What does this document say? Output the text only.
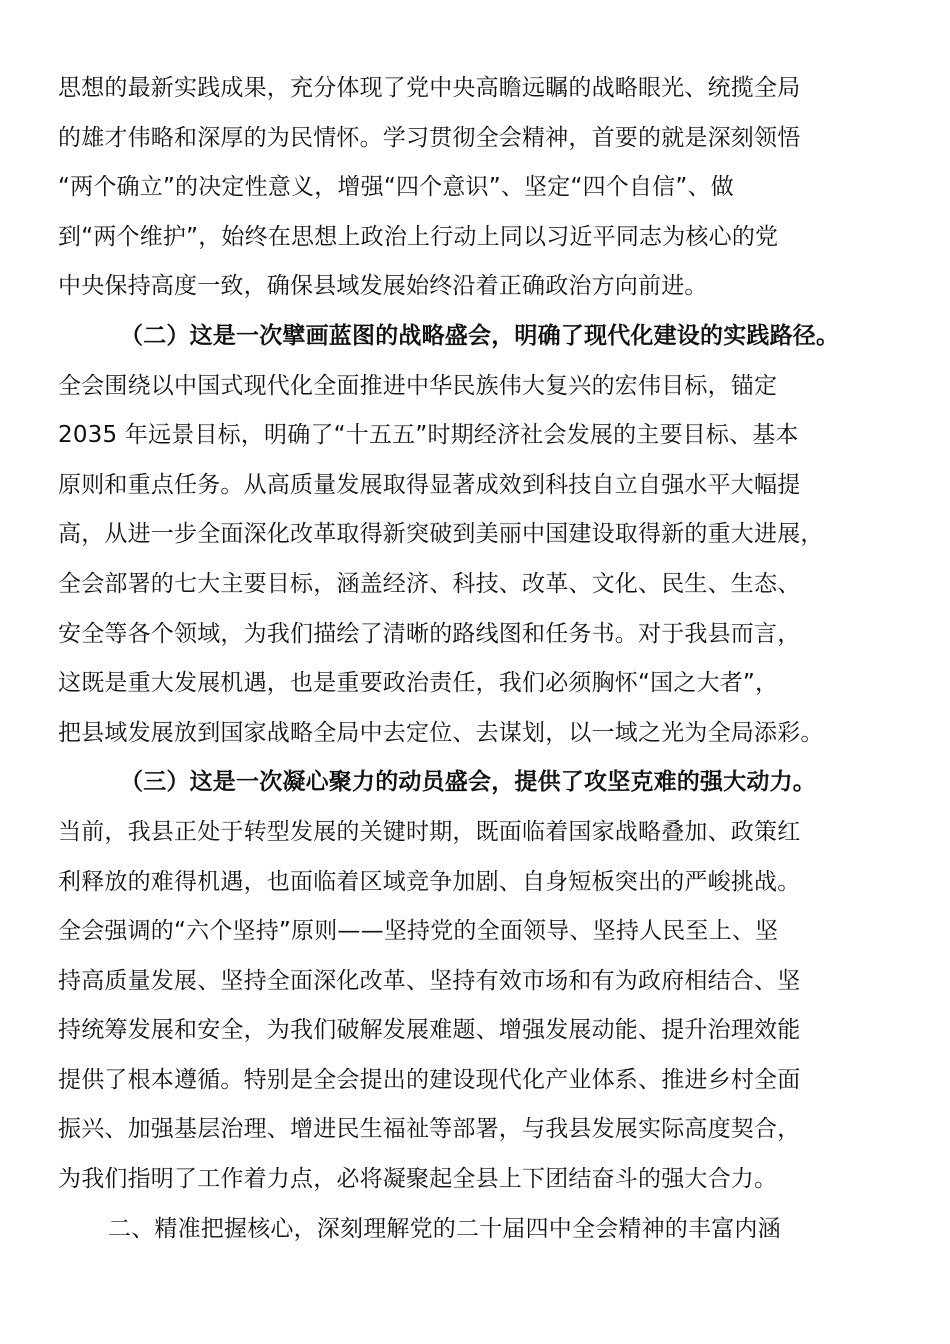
思想的最新实践成果，充分体现了党中央高瞻远瞩的战略眼光、统揽全局
的雄才伟略和深厚的为民情怀。学习贯彻全会精神，首要的就是深刻领悟
“两个确立”的决定性意义，增强“四个意识”、坚定“四个自信”、做
到“两个维护”，始终在思想上政治上行动上同以习近平同志为核心的党
中央保持高度一致，确保县域发展始终沿着正确政治方向前进。
（二）这是一次擘画蓝图的战略盛会，明确了现代化建设的实践路径。
全会围绕以中国式现代化全面推进中华民族伟大复兴的宏伟目标，锚定
2035 年远景目标，明确了“十五五”时期经济社会发展的主要目标、基本
原则和重点任务。从高质量发展取得显著成效到科技自立自强水平大幅提
高，从进一步全面深化改革取得新突破到美丽中国建设取得新的重大进展，
全会部署的七大主要目标，涵盖经济、科技、改革、文化、民生、生态、
安全等各个领域，为我们描绘了清晰的路线图和任务书。对于我县而言，
这既是重大发展机遇，也是重要政治责任，我们必须胸怀“国之大者”，
把县域发展放到国家战略全局中去定位、去谋划，以一域之光为全局添彩。
（三）这是一次凝心聚力的动员盛会，提供了攻坚克难的强大动力。
当前，我县正处于转型发展的关键时期，既面临着国家战略叠加、政策红
利释放的难得机遇，也面临着区域竞争加剧、自身短板突出的严峻挑战。
全会强调的“六个坚持”原则——坚持党的全面领导、坚持人民至上、坚
持高质量发展、坚持全面深化改革、坚持有效市场和有为政府相结合、坚
持统筹发展和安全，为我们破解发展难题、增强发展动能、提升治理效能
提供了根本遵循。特别是全会提出的建设现代化产业体系、推进乡村全面
振兴、加强基层治理、增进民生福祉等部署，与我县发展实际高度契合，
为我们指明了工作着力点，必将凝聚起全县上下团结奋斗的强大合力。
二、精准把握核心，深刻理解党的二十届四中全会精神的丰富内涵
